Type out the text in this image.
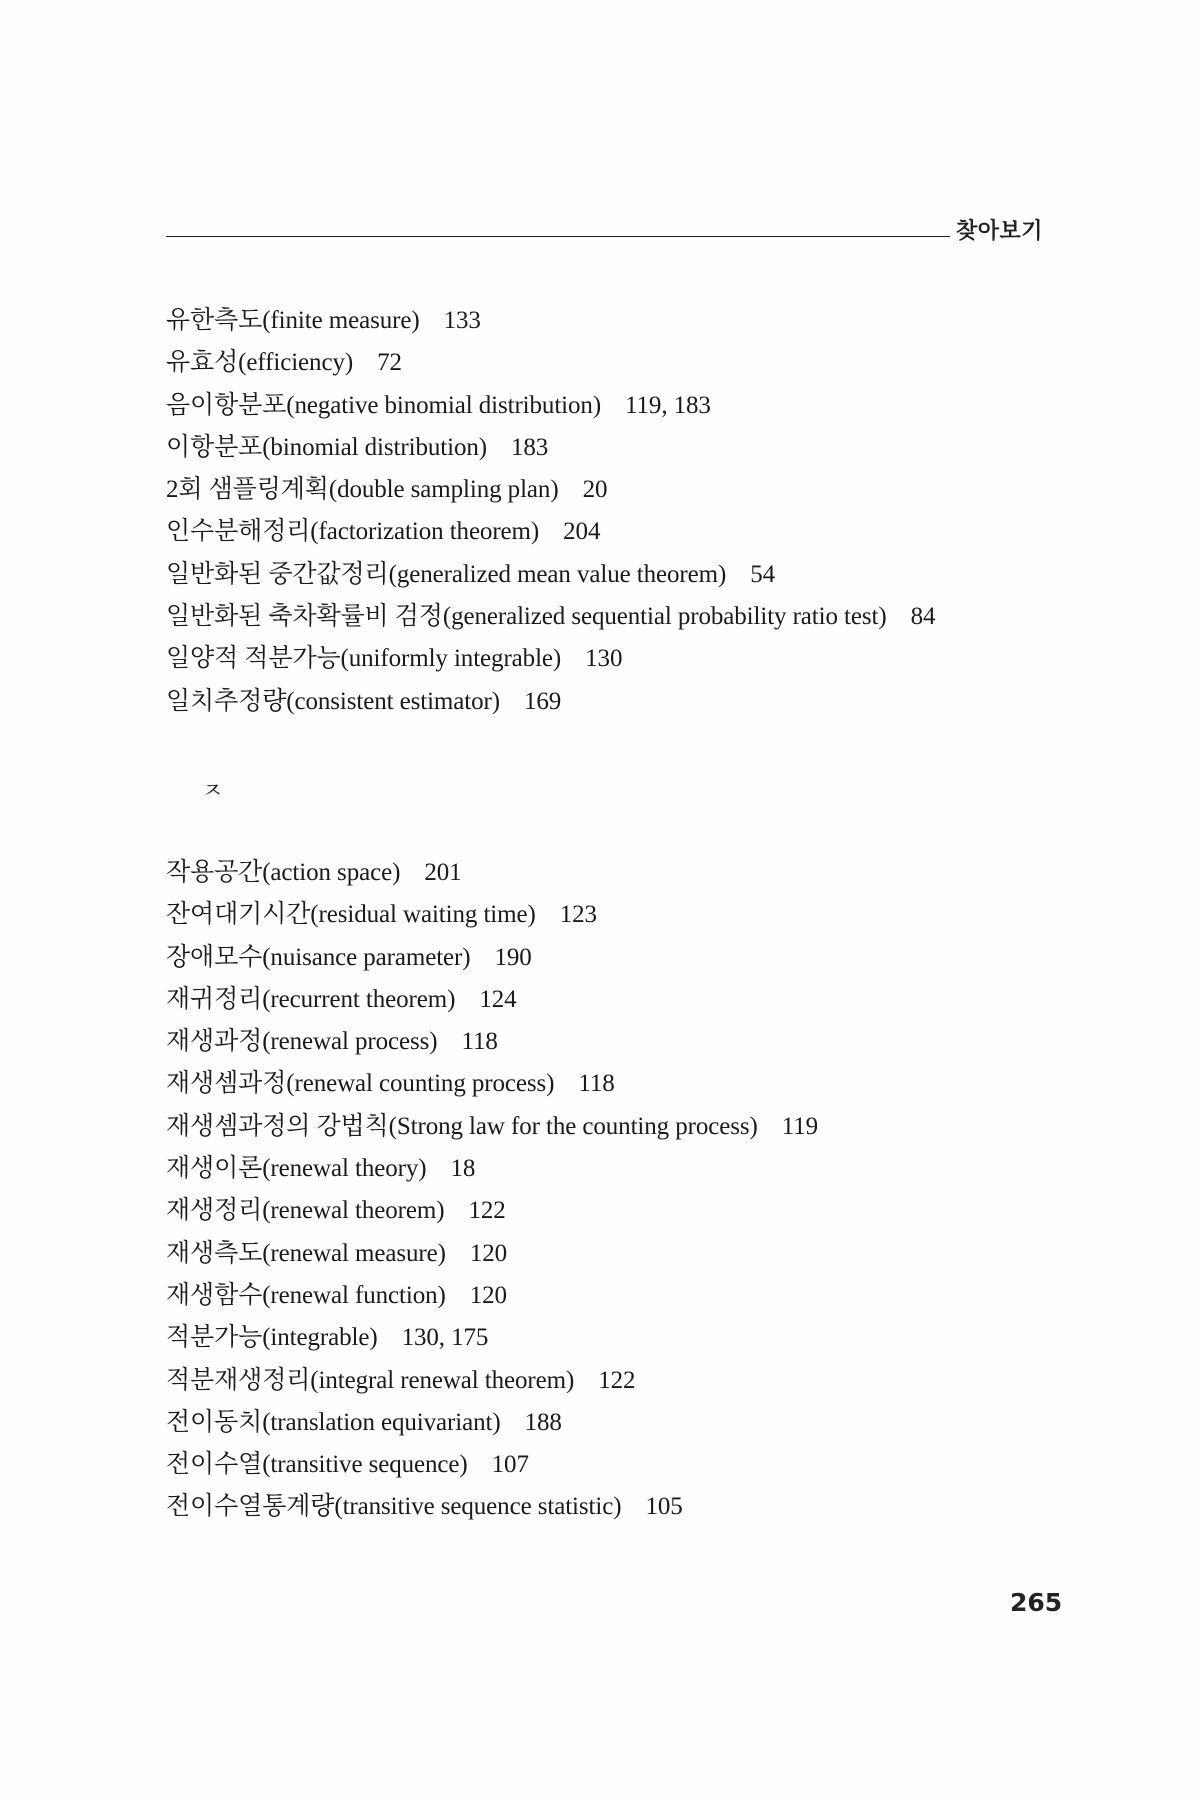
찾아보기
유한측도(finite measure) 133
유효성(efficiency) 72
음이항분포(negative binomial distribution) 119, 183
이항분포(binomial distribution) 183
2회 샘플링계획(double sampling plan) 20
인수분해정리(factorization theorem) 204
일반화된 중간값정리(generalized mean value theorem) 54
일반화된 축차확률비 검정(generalized sequential probability ratio test) 84
일양적 적분가능(uniformly integrable) 130
일치추정량(consistent estimator) 169
ㅈ
작용공간(action space) 201
잔여대기시간(residual waiting time) 123
장애모수(nuisance parameter) 190
재귀정리(recurrent theorem) 124
재생과정(renewal process) 118
재생셈과정(renewal counting process) 118
재생셈과정의 강법칙(Strong law for the counting process) 119
재생이론(renewal theory) 18
재생정리(renewal theorem) 122
재생측도(renewal measure) 120
재생함수(renewal function) 120
적분가능(integrable) 130, 175
적분재생정리(integral renewal theorem) 122
전이동치(translation equivariant) 188
전이수열(transitive sequence) 107
전이수열통계량(transitive sequence statistic) 105
265
